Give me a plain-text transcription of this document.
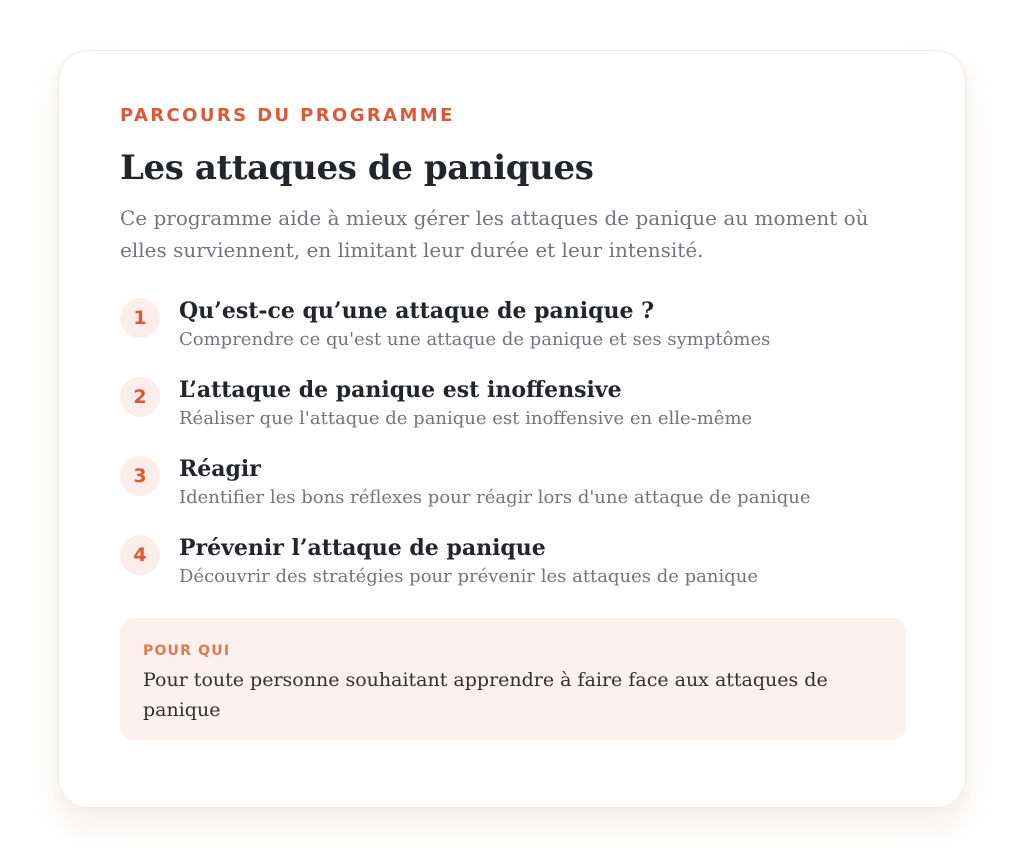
PARCOURS DU PROGRAMME
Les attaques de paniques

Ce programme aide à mieux gérer les attaques de panique au moment où elles surviennent, en limitant leur durée et leur intensité.

1	Qu’est-ce qu’une attaque de panique ?

Comprendre ce qu'est une attaque de panique et ses symptômes

2	L’attaque de panique est inoffensive

Réaliser que l'attaque de panique est inoffensive en elle-même

3	Réagir

Identifier les bons réflexes pour réagir lors d'une attaque de panique

4	Prévenir l’attaque de panique

Découvrir des stratégies pour prévenir les attaques de panique

POUR QUI

Pour toute personne souhaitant apprendre à faire face aux attaques de panique
